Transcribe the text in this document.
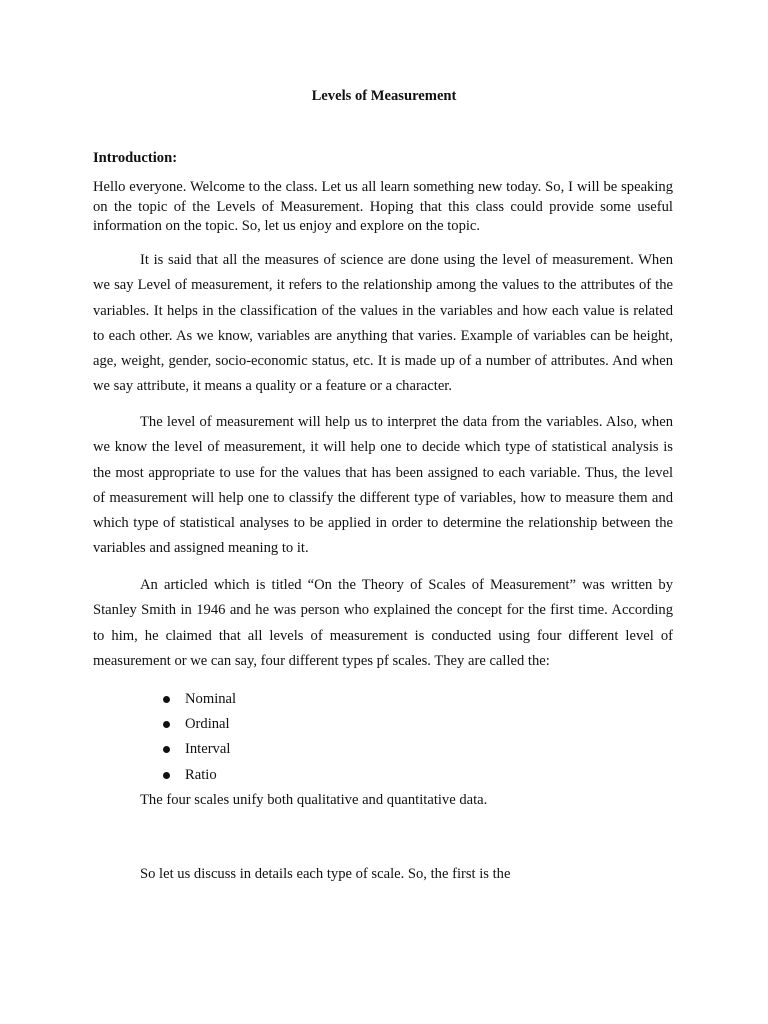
Levels of Measurement
Introduction:

Hello everyone. Welcome to the class. Let us all learn something new today. So, I will be speaking on the topic of the Levels of Measurement. Hoping that this class could provide some useful information on the topic. So, let us enjoy and explore on the topic.

It is said that all the measures of science are done using the level of measurement. When we say Level of measurement, it refers to the relationship among the values to the attributes of the variables. It helps in the classification of the values in the variables and how each value is related to each other. As we know, variables are anything that varies. Example of variables can be height, age, weight, gender, socio-economic status, etc. It is made up of a number of attributes. And when we say attribute, it means a quality or a feature or a character.

The level of measurement will help us to interpret the data from the variables. Also, when we know the level of measurement, it will help one to decide which type of statistical analysis is the most appropriate to use for the values that has been assigned to each variable. Thus, the level of measurement will help one to classify the different type of variables, how to measure them and which type of statistical analyses to be applied in order to determine the relationship between the variables and assigned meaning to it.

An articled which is titled “On the Theory of Scales of Measurement” was written by Stanley Smith in 1946 and he was person who explained the concept for the first time. According to him, he claimed that all levels of measurement is conducted using four different level of measurement or we can say, four different types pf scales. They are called the:

Nominal
Ordinal
Interval
Ratio
The four scales unify both qualitative and quantitative data.
So let us discuss in details each type of scale. So, the first is the
